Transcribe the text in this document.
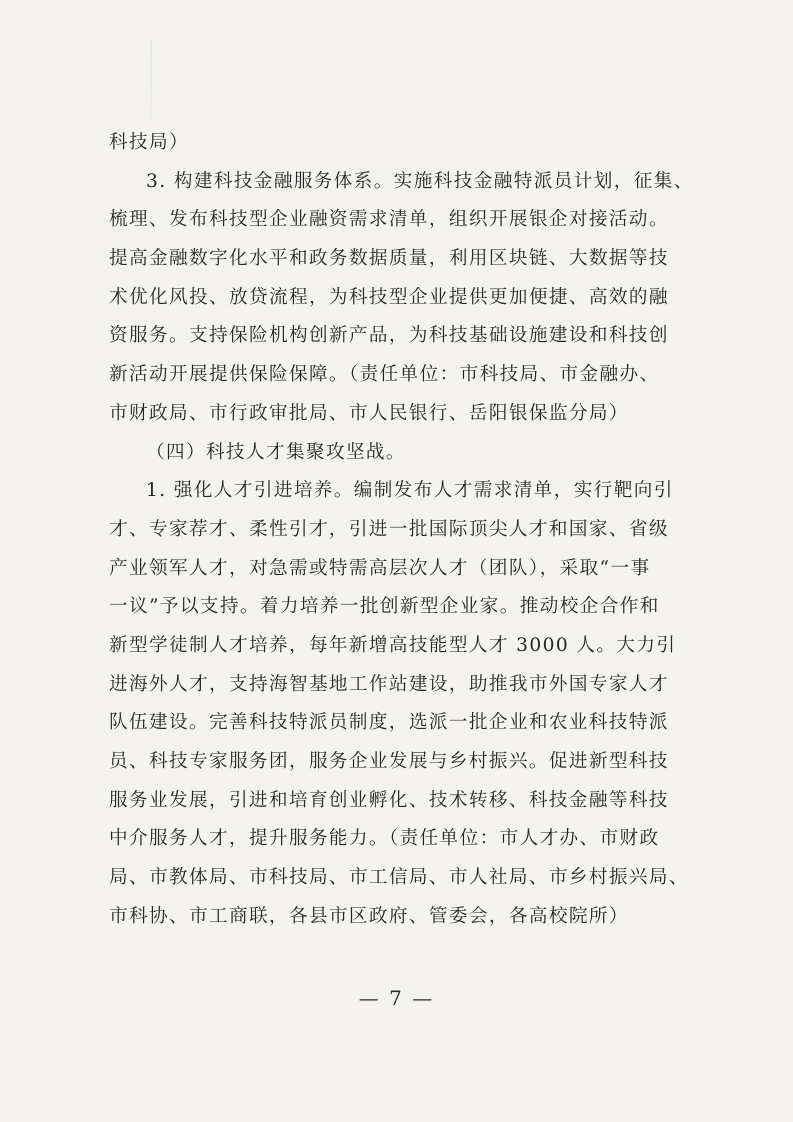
科技局）
3. 构建科技金融服务体系。实施科技金融特派员计划，征集、
梳理、发布科技型企业融资需求清单，组织开展银企对接活动。
提高金融数字化水平和政务数据质量，利用区块链、大数据等技
术优化风投、放贷流程，为科技型企业提供更加便捷、高效的融
资服务。支持保险机构创新产品，为科技基础设施建设和科技创
新活动开展提供保险保障。（责任单位：市科技局、市金融办、
市财政局、市行政审批局、市人民银行、岳阳银保监分局）
（四）科技人才集聚攻坚战。
1. 强化人才引进培养。编制发布人才需求清单，实行靶向引
才、专家荐才、柔性引才，引进一批国际顶尖人才和国家、省级
产业领军人才，对急需或特需高层次人才（团队），采取“一事
一议”予以支持。着力培养一批创新型企业家。推动校企合作和
新型学徒制人才培养，每年新增高技能型人才 3000 人。大力引
进海外人才，支持海智基地工作站建设，助推我市外国专家人才
队伍建设。完善科技特派员制度，选派一批企业和农业科技特派
员、科技专家服务团，服务企业发展与乡村振兴。促进新型科技
服务业发展，引进和培育创业孵化、技术转移、科技金融等科技
中介服务人才，提升服务能力。（责任单位：市人才办、市财政
局、市教体局、市科技局、市工信局、市人社局、市乡村振兴局、
市科协、市工商联，各县市区政府、管委会，各高校院所）
— 7 —
